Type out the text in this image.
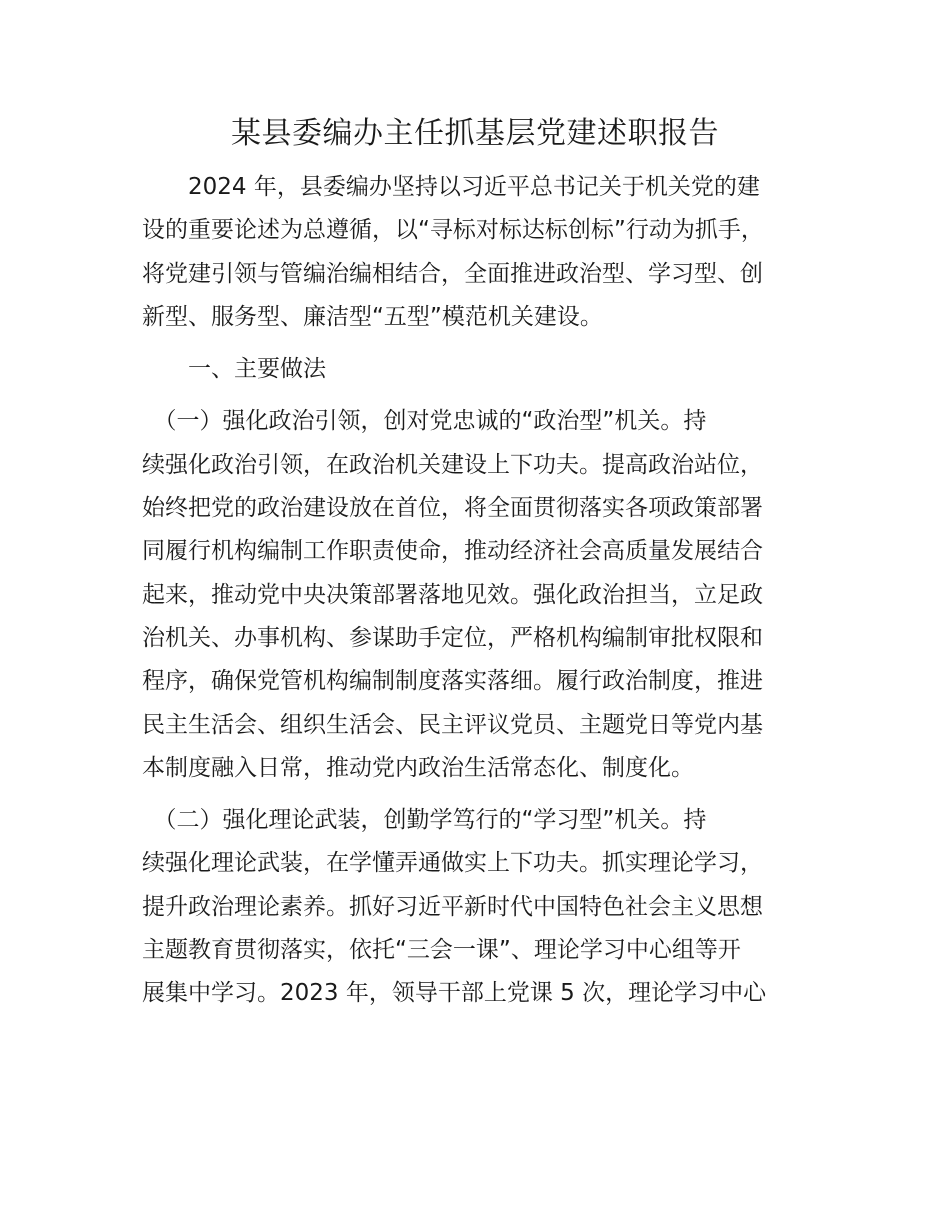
某县委编办主任抓基层党建述职报告
　　2024 年，县委编办坚持以习近平总书记关于机关党的建
设的重要论述为总遵循，以“寻标对标达标创标”行动为抓手，
将党建引领与管编治编相结合，全面推进政治型、学习型、创
新型、服务型、廉洁型“五型”模范机关建设。
　　一、主要做法
　（一）强化政治引领，创对党忠诚的“政治型”机关。持
续强化政治引领，在政治机关建设上下功夫。提高政治站位，
始终把党的政治建设放在首位，将全面贯彻落实各项政策部署
同履行机构编制工作职责使命，推动经济社会高质量发展结合
起来，推动党中央决策部署落地见效。强化政治担当，立足政
治机关、办事机构、参谋助手定位，严格机构编制审批权限和
程序，确保党管机构编制制度落实落细。履行政治制度，推进
民主生活会、组织生活会、民主评议党员、主题党日等党内基
本制度融入日常，推动党内政治生活常态化、制度化。
　（二）强化理论武装，创勤学笃行的“学习型”机关。持
续强化理论武装，在学懂弄通做实上下功夫。抓实理论学习，
提升政治理论素养。抓好习近平新时代中国特色社会主义思想
主题教育贯彻落实，依托“三会一课”、理论学习中心组等开
展集中学习。2023 年，领导干部上党课 5 次，理论学习中心
